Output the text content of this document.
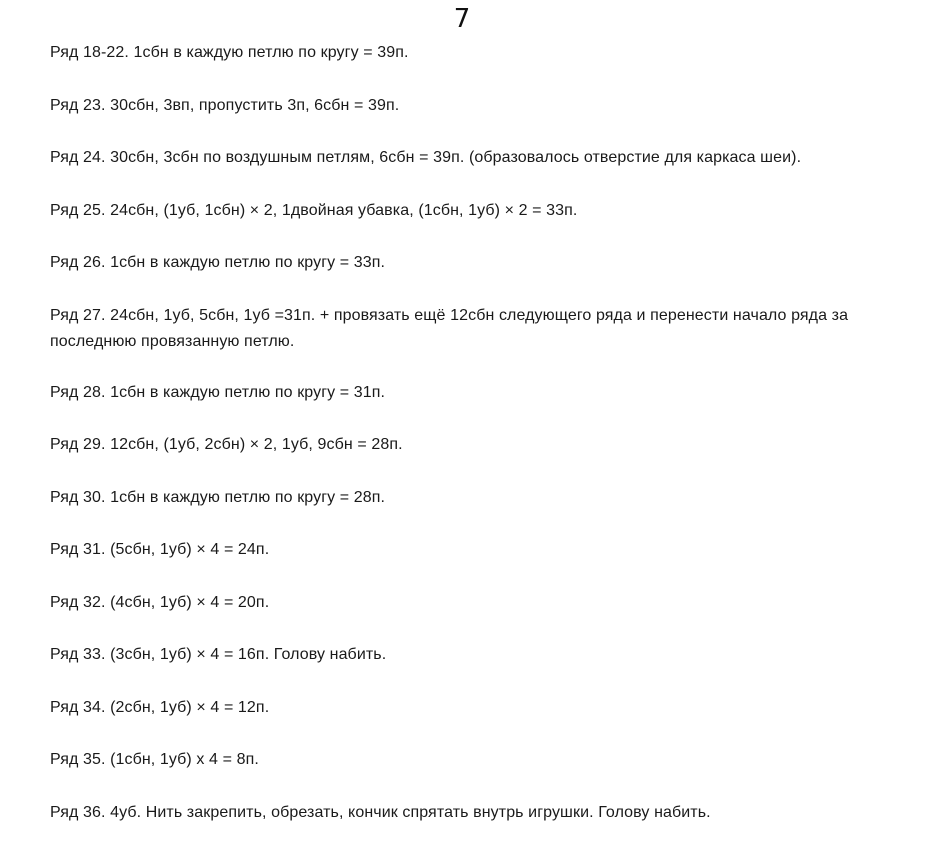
7

Ряд 18-22. 1сбн в каждую петлю по кругу = 39п.

Ряд 23. 30сбн, 3вп, пропустить 3п, 6сбн = 39п.

Ряд 24. 30сбн, 3сбн по воздушным петлям, 6сбн = 39п. (образовалось отверстие для каркаса шеи).

Ряд 25. 24сбн, (1уб, 1сбн) × 2, 1двойная убавка, (1сбн, 1уб) × 2 = 33п.

Ряд 26. 1сбн в каждую петлю по кругу = 33п.

Ряд 27. 24сбн, 1уб, 5сбн, 1уб =31п. + провязать ещё 12сбн следующего ряда и перенести начало ряда за последнюю провязанную петлю.

Ряд 28. 1сбн в каждую петлю по кругу = 31п.

Ряд 29. 12сбн, (1уб, 2сбн) × 2, 1уб, 9сбн = 28п.

Ряд 30. 1сбн в каждую петлю по кругу = 28п.

Ряд 31. (5сбн, 1уб) × 4 = 24п.

Ряд 32. (4сбн, 1уб) × 4 = 20п.

Ряд 33. (3сбн, 1уб) × 4 = 16п. Голову набить.

Ряд 34. (2сбн, 1уб) × 4 = 12п.

Ряд 35. (1сбн, 1уб) х 4 = 8п.

Ряд 36. 4уб. Нить закрепить, обрезать, кончик спрятать внутрь игрушки. Голову набить.
